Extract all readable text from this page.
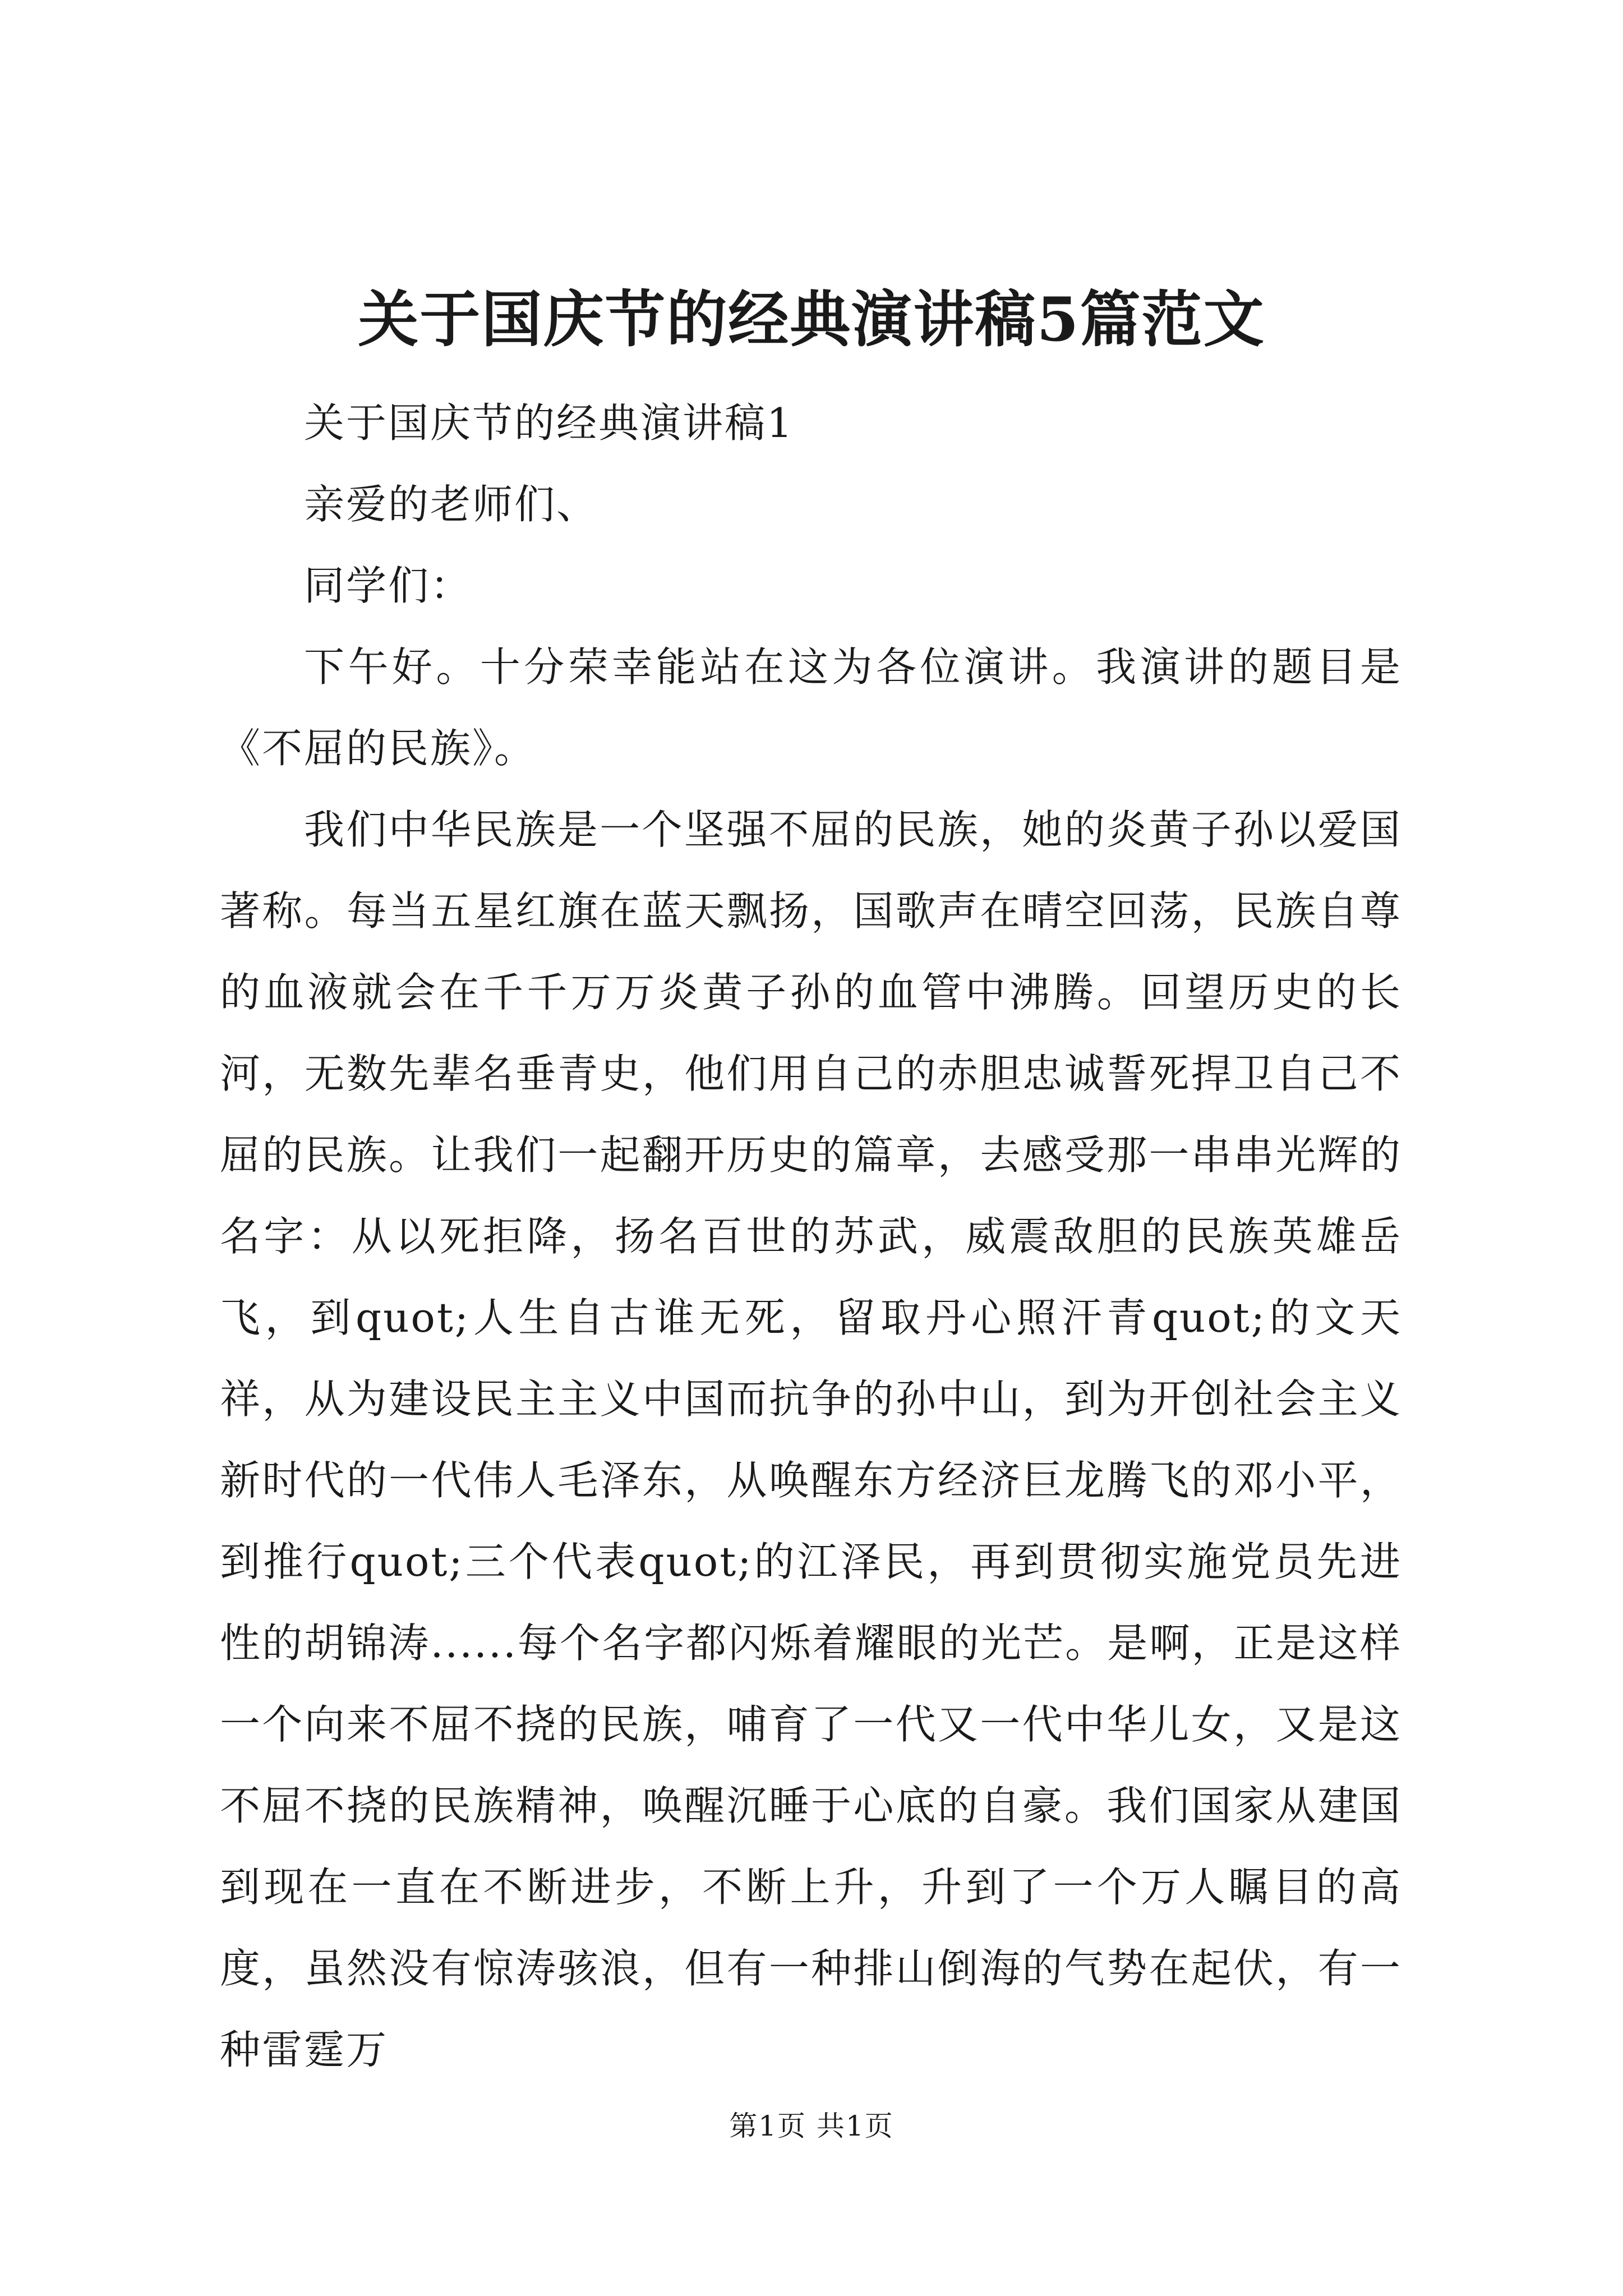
关于国庆节的经典演讲稿5篇范文

关于国庆节的经典演讲稿1

亲爱的老师们、

同学们：

下午好。十分荣幸能站在这为各位演讲。我演讲的题目是《不屈的民族》。

我们中华民族是一个坚强不屈的民族，她的炎黄子孙以爱国著称。每当五星红旗在蓝天飘扬，国歌声在晴空回荡，民族自尊的血液就会在千千万万炎黄子孙的血管中沸腾。回望历史的长河，无数先辈名垂青史，他们用自己的赤胆忠诚誓死捍卫自己不屈的民族。让我们一起翻开历史的篇章，去感受那一串串光辉的名字：从以死拒降，扬名百世的苏武，威震敌胆的民族英雄岳飞，到quot;人生自古谁无死，留取丹心照汗青quot;的文天祥，从为建设民主主义中国而抗争的孙中山，到为开创社会主义新时代的一代伟人毛泽东，从唤醒东方经济巨龙腾飞的邓小平，到推行quot;三个代表quot;的江泽民，再到贯彻实施党员先进性的胡锦涛......每个名字都闪烁着耀眼的光芒。是啊，正是这样一个向来不屈不挠的民族，哺育了一代又一代中华儿女，又是这不屈不挠的民族精神，唤醒沉睡于心底的自豪。我们国家从建国到现在一直在不断进步，不断上升，升到了一个万人瞩目的高度，虽然没有惊涛骇浪，但有一种排山倒海的气势在起伏，有一种雷霆万

第1页 共1页
